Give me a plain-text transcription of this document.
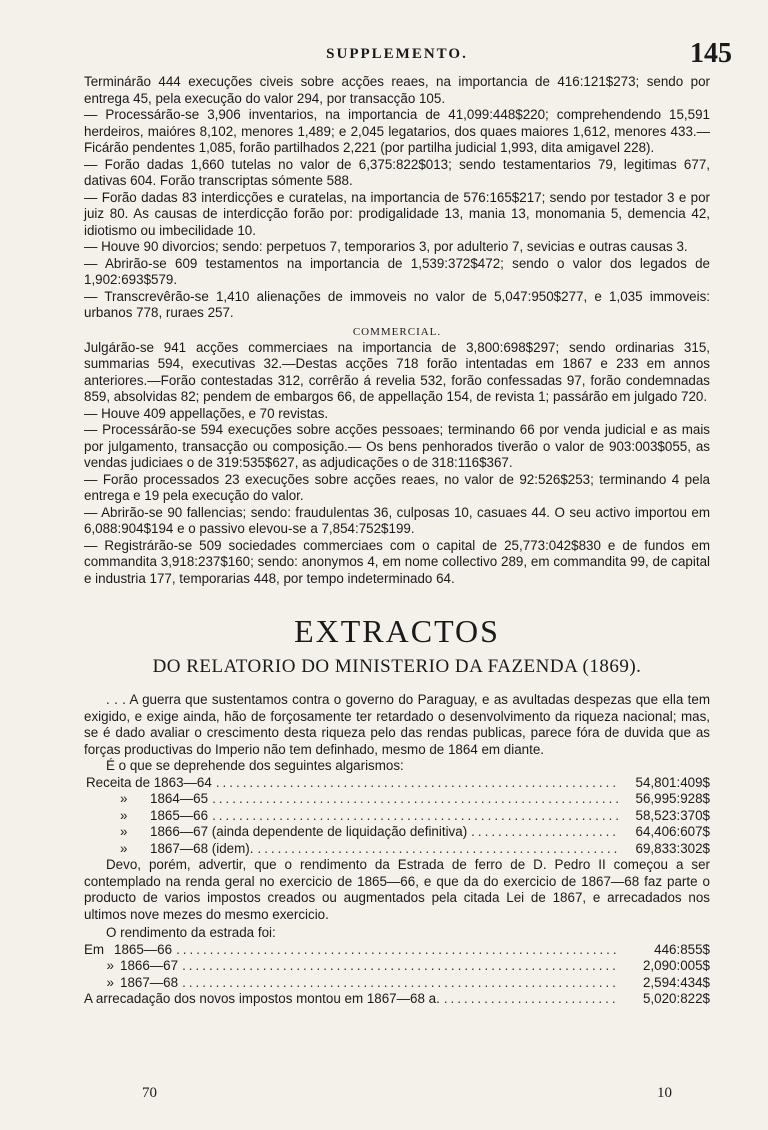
SUPPLEMENTO.	145

Terminárão 444 execuções civeis sobre acções reaes, na importancia de 416:121$273; sendo por entrega 45, pela execução do valor 294, por transacção 105.

— Processárão-se 3,906 inventarios, na importancia de 41,099:448$220; comprehendendo 15,591 herdeiros, maióres 8,102, menores 1,489; e 2,045 legatarios, dos quaes maiores 1,612, menores 433.— Ficárão pendentes 1,085, forão partilhados 2,221 (por partilha judicial 1,993, dita amigavel 228).

— Forão dadas 1,660 tutelas no valor de 6,375:822$013; sendo testamentarios 79, legitimas 677, dativas 604. Forão transcriptas sómente 588.

— Forão dadas 83 interdicções e curatelas, na importancia de 576:165$217; sendo por testador 3 e por juiz 80. As causas de interdicção forão por: prodigalidade 13, mania 13, monomania 5, demencia 42, idiotismo ou imbecilidade 10.

— Houve 90 divorcios; sendo: perpetuos 7, temporarios 3, por adulterio 7, sevicias e outras causas 3.

— Abrirão-se 609 testamentos na importancia de 1,539:372$472; sendo o valor dos legados de 1,902:693$579.

— Transcrevêrão-se 1,410 alienações de immoveis no valor de 5,047:950$277, e 1,035 immoveis: urbanos 778, ruraes 257.

COMMERCIAL.

Julgárão-se 941 acções commerciaes na importancia de 3,800:698$297; sendo ordinarias 315, summarias 594, executivas 32.—Destas acções 718 forão intentadas em 1867 e 233 em annos anteriores.—Forão contestadas 312, corrêrão á revelia 532, forão confessadas 97, forão condemnadas 859, absolvidas 82; pendem de embargos 66, de appellação 154, de revista 1; passárão em julgado 720.

— Houve 409 appellações, e 70 revistas.

— Processárão-se 594 execuções sobre acções pessoaes; terminando 66 por venda judicial e as mais por julgamento, transacção ou composição.— Os bens penhorados tiverão o valor de 903:003$055, as vendas judiciaes o de 319:535$627, as adjudicações o de 318:116$367.

— Forão processados 23 execuções sobre acções reaes, no valor de 92:526$253; terminando 4 pela entrega e 19 pela execução do valor.

— Abrirão-se 90 fallencias; sendo: fraudulentas 36, culposas 10, casuaes 44. O seu activo importou em 6,088:904$194 e o passivo elevou-se a 7,854:752$199.

— Registrárão-se 509 sociedades commerciaes com o capital de 25,773:042$830 e de fundos em commandita 3,918:237$160; sendo: anonymos 4, em nome collectivo 289, em commandita 99, de capital e industria 177, temporarias 448, por tempo indeterminado 64.

EXTRACTOS
DO RELATORIO DO MINISTERIO DA FAZENDA (1869).

. . . A guerra que sustentamos contra o governo do Paraguay, e as avultadas despezas que ella tem exigido, e exige ainda, hão de forçosamente ter retardado o desenvolvimento da riqueza nacional; mas, se é dado avaliar o crescimento desta riqueza pelo das rendas publicas, parece fóra de duvida que as forças productivas do Imperio não tem definhado, mesmo de 1864 em diante.

É o que se deprehende dos seguintes algarismos:

Receita de 1863—64 .....	54,801:409$
»	1864—65 .....	56,995:928$
»	1865—66 .....	58,523:370$
»	1866—67 (ainda dependente de liquidação definitiva) .....	64,406:607$
»	1867—68 (idem). .....	69,833:302$

Devo, porém, advertir, que o rendimento da Estrada de ferro de D. Pedro II começou a ser contemplado na renda geral no exercicio de 1865—66, e que da do exercicio de 1867—68 faz parte o producto de varios impostos creados ou augmentados pela citada Lei de 1867, e arrecadados nos ultimos nove mezes do mesmo exercicio.

O rendimento da estrada foi:

Em 1865—66 .....	446:855$
» 1866—67 .....	2,090:005$
» 1867—68 .....	2,594:434$
A arrecadação dos novos impostos montou em 1867—68 a. .....	5,020:822$
70	10
